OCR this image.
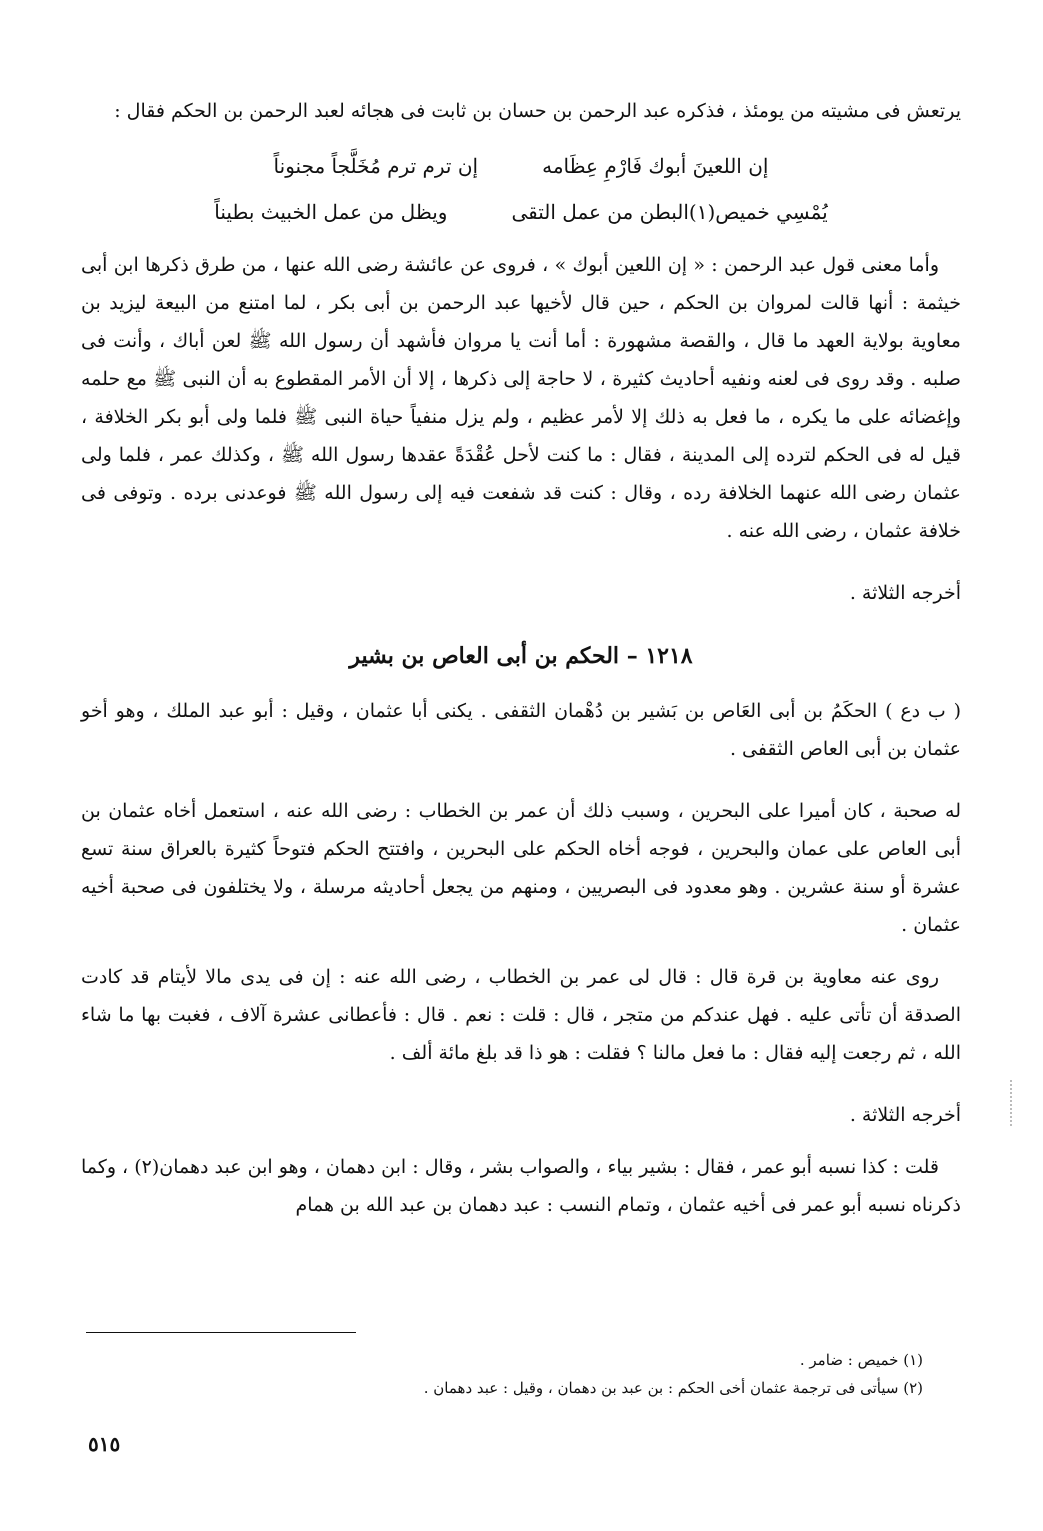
يرتعش فى مشيته من يومئذ ، فذكره عبد الرحمن بن حسان بن ثابت فى هجائه لعبد الرحمن بن الحكم فقال :

إن اللعينَ أبوك فَارْمِ عِظَامه
إن ترم ترم مُخَلَّجاً مجنوناً
يُمْسِي خميص(١)البطن من عمل التقى
ويظل من عمل الخبيث بطيناً

وأما معنى قول عبد الرحمن : « إن اللعين أبوك » ، فروى عن عائشة رضى الله عنها ، من طرق ذكرها ابن أبى خيثمة : أنها قالت لمروان بن الحكم ، حين قال لأخيها عبد الرحمن بن أبى بكر ، لما امتنع من البيعة ليزيد بن معاوية بولاية العهد ما قال ، والقصة مشهورة : أما أنت يا مروان فأشهد أن رسول الله ﷺ لعن أباك ، وأنت فى صلبه . وقد روى فى لعنه ونفيه أحاديث كثيرة ، لا حاجة إلى ذكرها ، إلا أن الأمر المقطوع به أن النبى ﷺ مع حلمه وإغضائه على ما يكره ، ما فعل به ذلك إلا لأمر عظيم ، ولم يزل منفياً حياة النبى ﷺ فلما ولى أبو بكر الخلافة ، قيل له فى الحكم لترده إلى المدينة ، فقال : ما كنت لأحل عُقْدَةً عقدها رسول الله ﷺ ، وكذلك عمر ، فلما ولى عثمان رضى الله عنهما الخلافة رده ، وقال : كنت قد شفعت فيه إلى رسول الله ﷺ فوعدنى برده . وتوفى فى خلافة عثمان ، رضى الله عنه .

أخرجه الثلاثة .

١٢١٨ – الحكم بن أبى العاص بن بشير

( ب دع ) الحكَمُ بن أبى العَاص بن بَشير بن دُهْمان الثقفى . يكنى أبا عثمان ، وقيل : أبو عبد الملك ، وهو أخو عثمان بن أبى العاص الثقفى .

له صحبة ، كان أميرا على البحرين ، وسبب ذلك أن عمر بن الخطاب : رضى الله عنه ، استعمل أخاه عثمان بن أبى العاص على عمان والبحرين ، فوجه أخاه الحكم على البحرين ، وافتتح الحكم فتوحاً كثيرة بالعراق سنة تسع عشرة أو سنة عشرين . وهو معدود فى البصريين ، ومنهم من يجعل أحاديثه مرسلة ، ولا يختلفون فى صحبة أخيه عثمان .

روى عنه معاوية بن قرة قال : قال لى عمر بن الخطاب ، رضى الله عنه : إن فى يدى مالا لأيتام قد كادت الصدقة أن تأتى عليه . فهل عندكم من متجر ، قال : قلت : نعم . قال : فأعطانى عشرة آلاف ، فغبت بها ما شاء الله ، ثم رجعت إليه فقال : ما فعل مالنا ؟ فقلت : هو ذا قد بلغ مائة ألف .

أخرجه الثلاثة .

قلت : كذا نسبه أبو عمر ، فقال : بشير بياء ، والصواب بشر ، وقال : ابن دهمان ، وهو ابن عبد دهمان(٢) ، وكما ذكرناه نسبه أبو عمر فى أخيه عثمان ، وتمام النسب : عبد دهمان بن عبد الله بن همام

(١) خميص : ضامر .
(٢) سيأتى فى ترجمة عثمان أخى الحكم : بن عبد بن دهمان ، وقيل : عبد دهمان .
٥١٥
